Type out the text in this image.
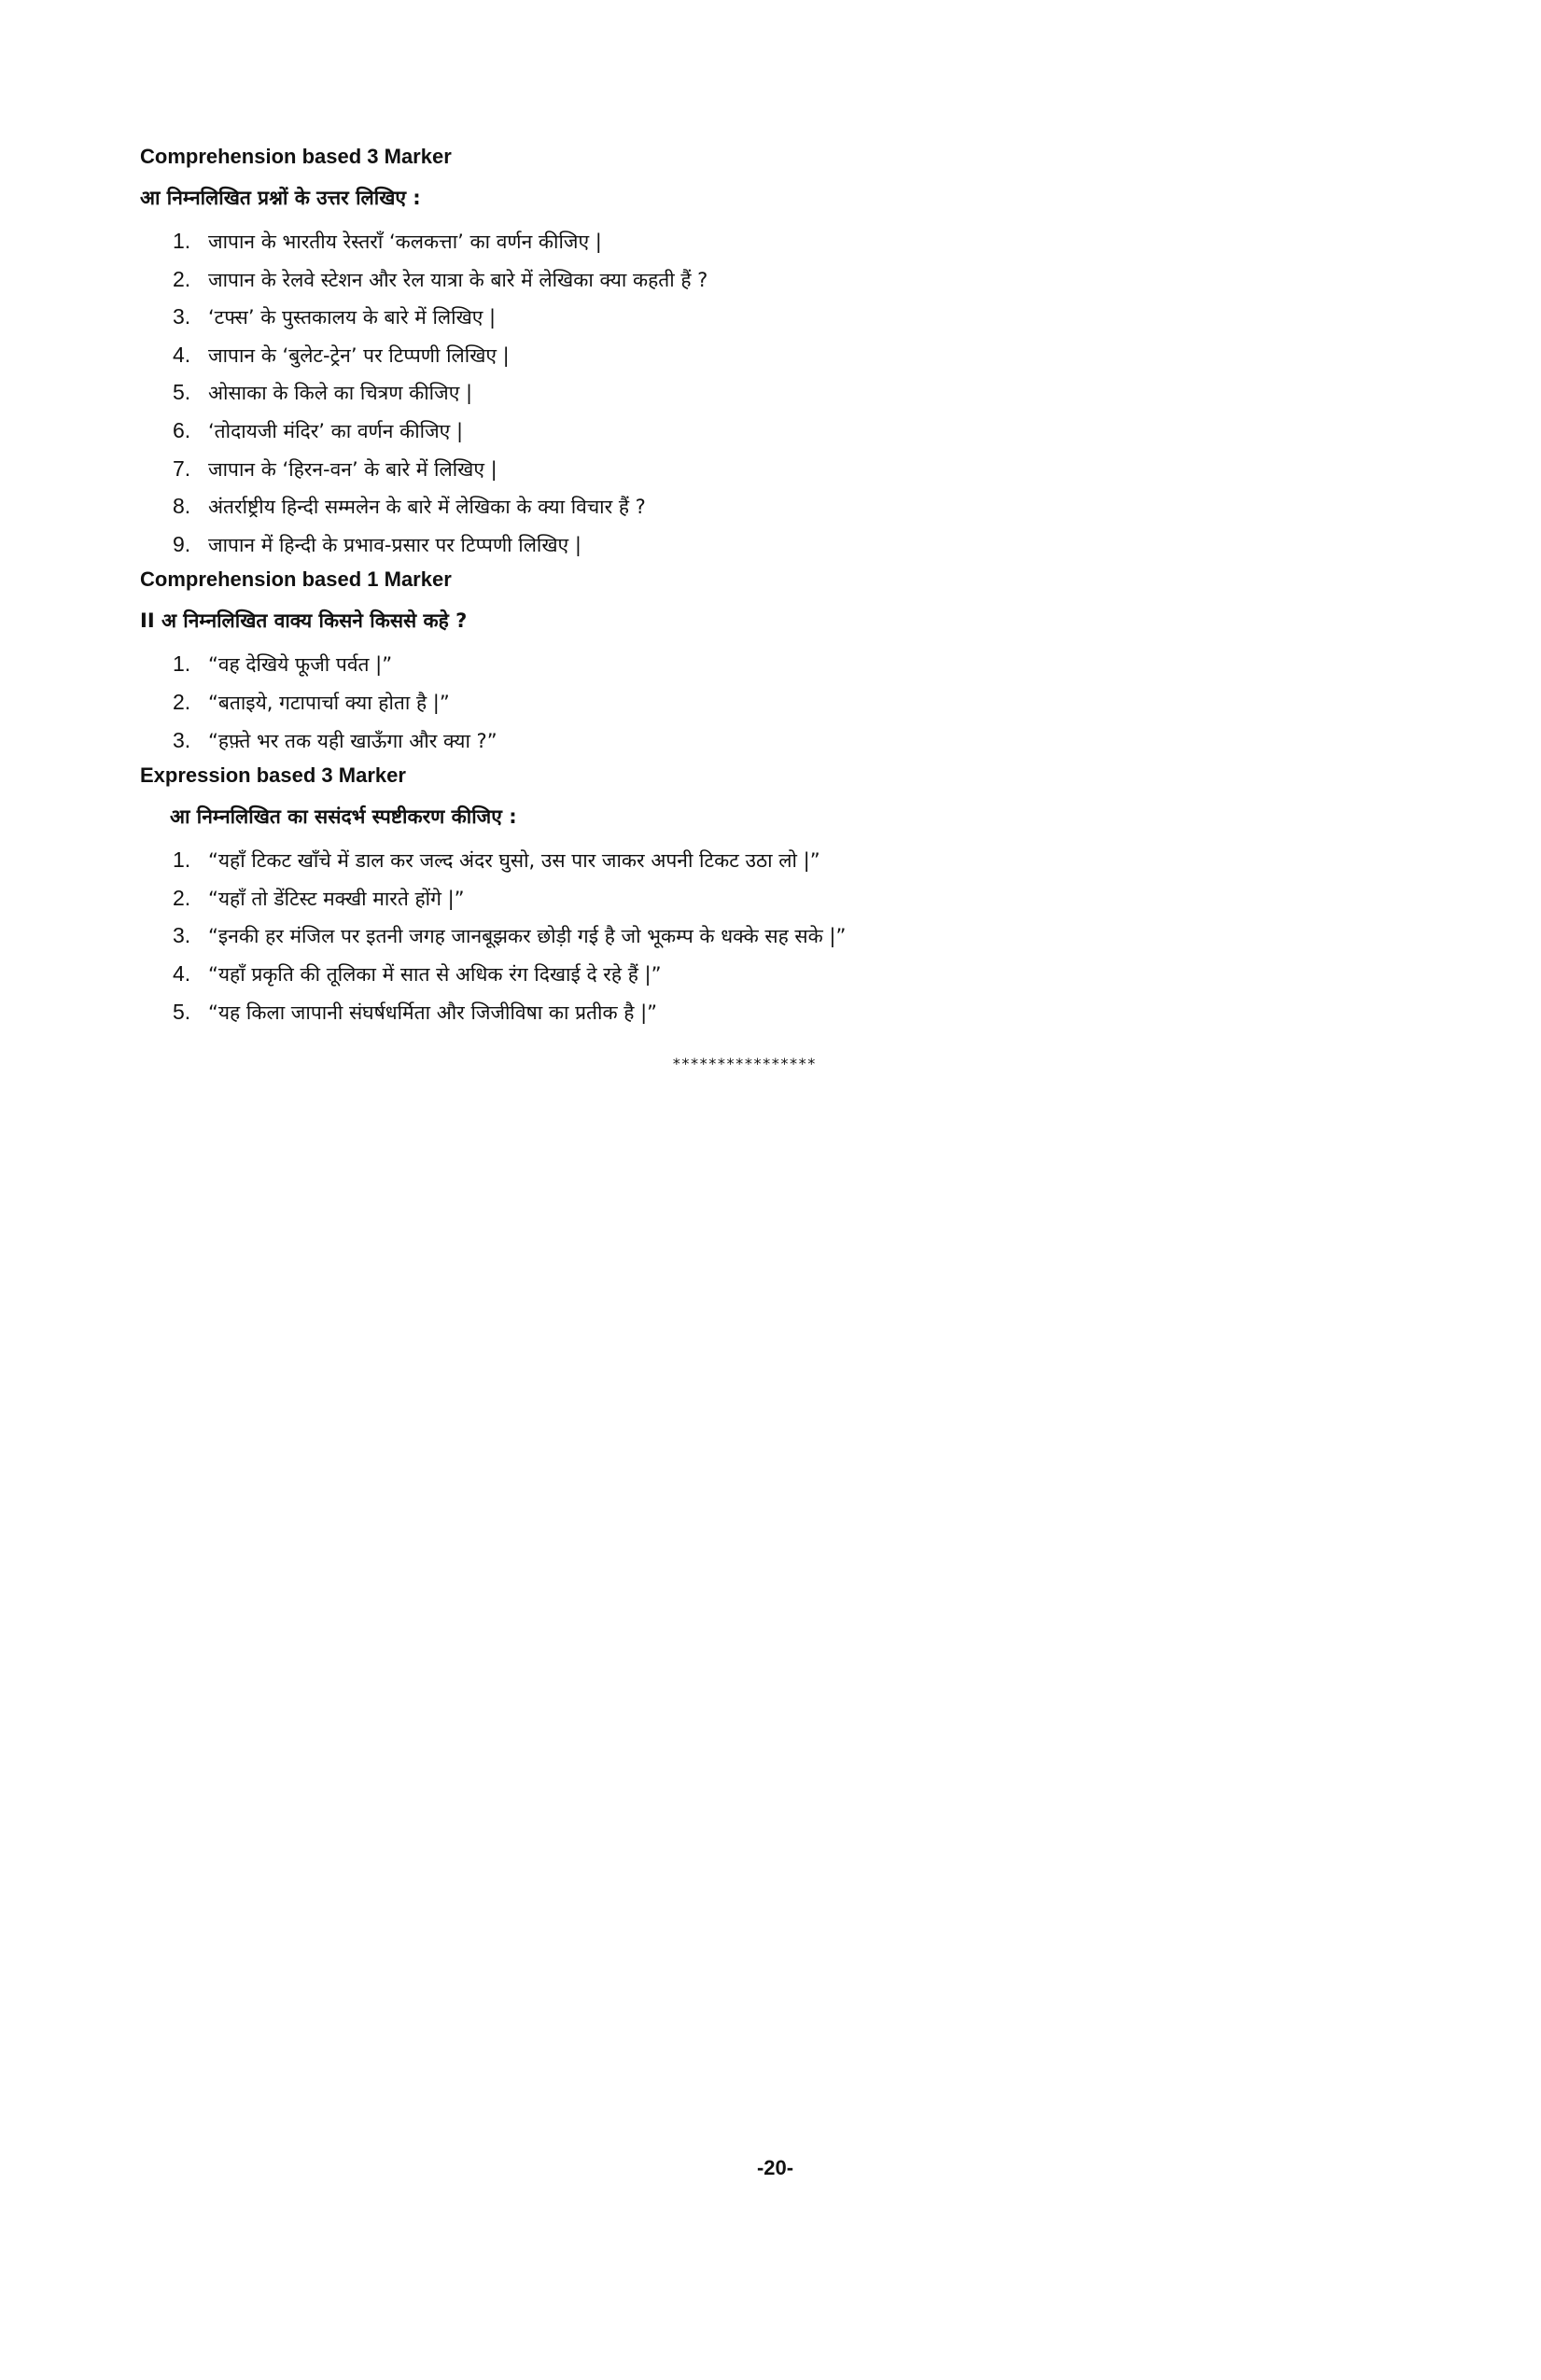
Comprehension based 3 Marker
आ निम्नलिखित प्रश्नों के उत्तर लिखिए :
1. जापान के भारतीय रेस्तराँ ‘कलकत्ता’ का वर्णन कीजिए |
2. जापान के रेलवे स्टेशन और रेल यात्रा के बारे में लेखिका क्या कहती हैं ?
3. ‘टफ्स’ के पुस्तकालय के बारे में लिखिए |
4. जापान के ‘बुलेट-ट्रेन’ पर टिप्पणी लिखिए |
5. ओसाका के किले का चित्रण कीजिए |
6. ‘तोदायजी मंदिर’ का वर्णन कीजिए |
7. जापान के ‘हिरन-वन’ के बारे में लिखिए |
8. अंतर्राष्ट्रीय हिन्दी सम्मलेन के बारे में लेखिका के क्या विचार हैं ?
9. जापान में हिन्दी के प्रभाव-प्रसार पर टिप्पणी लिखिए |
Comprehension based 1 Marker
II अ निम्नलिखित वाक्य किसने किससे कहे ?
1. “वह देखिये फूजी पर्वत |”
2. “बताइये, गटापार्चा क्या होता है |”
3. “हफ़्ते भर तक यही खाऊँगा और क्या ?”
Expression based 3 Marker
आ निम्नलिखित का ससंदर्भ स्पष्टीकरण कीजिए :
1. “यहाँ टिकट खाँचे में डाल कर जल्द अंदर घुसो, उस पार जाकर अपनी टिकट उठा लो |”
2. “यहाँ तो डेंटिस्ट मक्खी मारते होंगे |”
3. “इनकी हर मंजिल पर इतनी जगह जानबूझकर छोड़ी गई है जो भूकम्प के धक्के सह सके |”
4. “यहाँ प्रकृति की तूलिका में सात से अधिक रंग दिखाई दे रहे हैं |”
5. “यह किला जापानी संघर्षधर्मिता और जिजीविषा का प्रतीक है |”
****************
-20-
